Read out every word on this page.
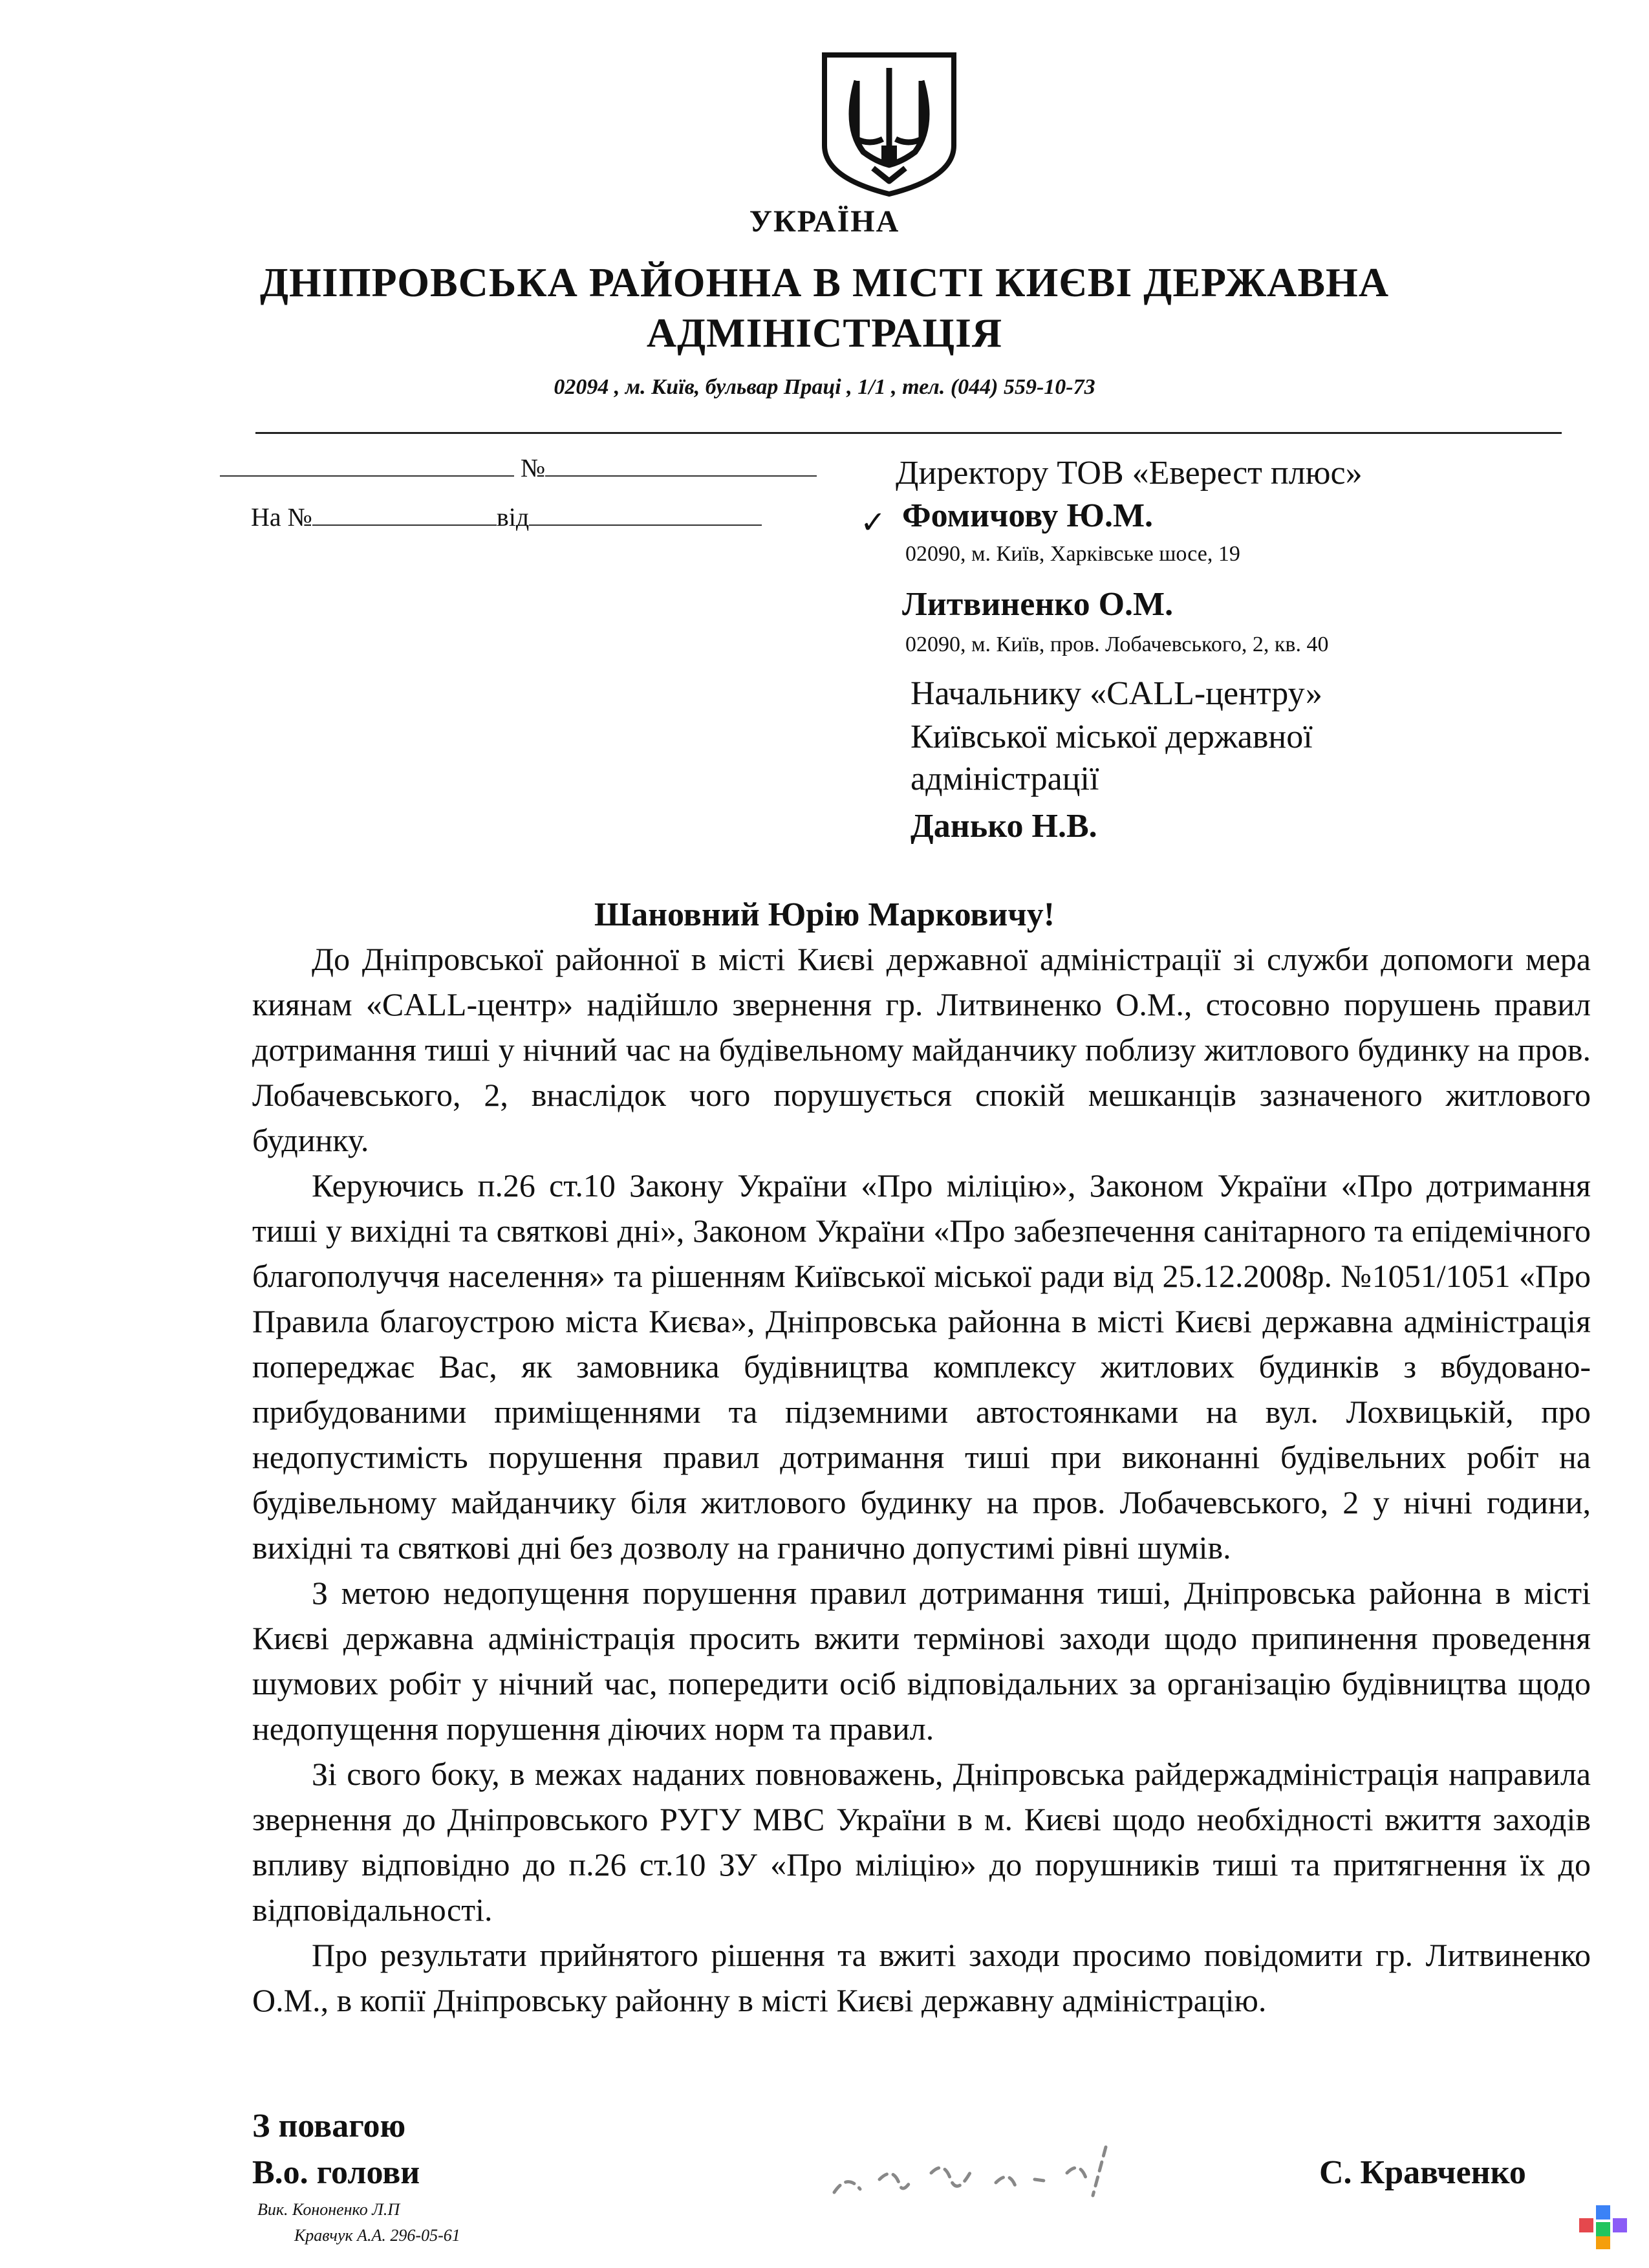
УКРАЇНА
ДНІПРОВСЬКА РАЙОННА В МІСТІ КИЄВІ ДЕРЖАВНА
АДМІНІСТРАЦІЯ
02094 , м. Київ, бульвар Праці , 1/1 , тел. (044) 559-10-73
№
На №	від	✓
Директору ТОВ «Еверест плюс»
Фомичову Ю.М.
02090, м. Київ, Харківське шосе, 19
Литвиненко О.М.
02090, м. Київ, пров. Лобачевського, 2, кв. 40
Начальнику «CALL-центру»
Київської міської державної
адміністрації
Данько Н.В.
Шановний Юрію Марковичу!

До Дніпровської районної в місті Києві державної адміністрації зі служби допомоги мера киянам «CALL-центр» надійшло звернення гр. Литвиненко О.М., стосовно порушень правил дотримання тиші у нічний час на будівельному майданчику поблизу житлового будинку на пров. Лобачевського, 2, внаслідок чого порушується спокій мешканців зазначеного житлового будинку.

Керуючись п.26 ст.10 Закону України «Про міліцію», Законом України «Про дотримання тиші у вихідні та святкові дні», Законом України «Про забезпечення санітарного та епідемічного благополуччя населення» та рішенням Київської міської ради від 25.12.2008р. №1051/1051 «Про Правила благоустрою міста Києва», Дніпровська районна в місті Києві державна адміністрація попереджає Вас, як замовника будівництва комплексу житлових будинків з вбудовано-прибудованими приміщеннями та підземними автостоянками на вул. Лохвицькій, про недопустимість порушення правил дотримання тиші при виконанні будівельних робіт на будівельному майданчику біля житлового будинку на пров. Лобачевського, 2 у нічні години, вихідні та святкові дні без дозволу на гранично допустимі рівні шумів.

З метою недопущення порушення правил дотримання тиші, Дніпровська районна в місті Києві державна адміністрація просить вжити термінові заходи щодо припинення проведення шумових робіт у нічний час, попередити осіб відповідальних за організацію будівництва щодо недопущення порушення діючих норм та правил.

Зі свого боку, в межах наданих повноважень, Дніпровська райдержадміністрація направила звернення до Дніпровського РУГУ МВС України в м. Києві щодо необхідності вжиття заходів впливу відповідно до п.26 ст.10 ЗУ «Про міліцію» до порушників тиші та притягнення їх до відповідальності.

Про результати прийнятого рішення та вжиті заходи просимо повідомити гр. Литвиненко О.М., в копії Дніпровську районну в місті Києві державну адміністрацію.

З повагою
В.о. голови	С. Кравченко
Вик. Кононенко Л.П
Кравчук А.А. 296-05-61
